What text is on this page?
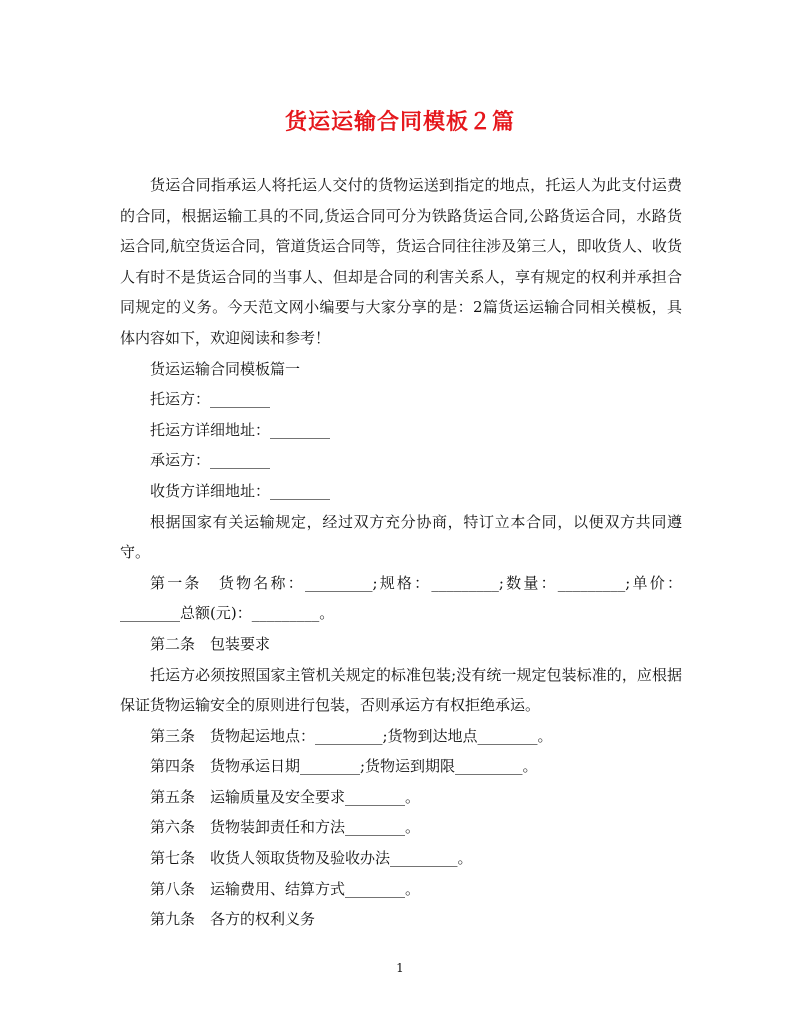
货运运输合同模板２篇

货运合同指承运人将托运人交付的货物运送到指定的地点，托运人为此支付运费的合同，根据运输工具的不同,货运合同可分为铁路货运合同,公路货运合同，水路货运合同,航空货运合同，管道货运合同等，货运合同往往涉及第三人，即收货人、收货人有时不是货运合同的当事人、但却是合同的利害关系人，享有规定的权利并承担合同规定的义务。今天范文网小编要与大家分享的是：2篇货运运输合同相关模板，具体内容如下，欢迎阅读和参考！

货运运输合同模板篇一

托运方：________

托运方详细地址：________

承运方：________

收货方详细地址：________

根据国家有关运输规定，经过双方充分协商，特订立本合同，以便双方共同遵守。

第一条　货物名称：_________;规格：_________;数量：_________;单价：________总额(元)：_________。

第二条　包装要求

托运方必须按照国家主管机关规定的标准包装;没有统一规定包装标准的，应根据保证货物运输安全的原则进行包装，否则承运方有权拒绝承运。

第三条　货物起运地点：_________;货物到达地点________。

第四条　货物承运日期________;货物运到期限_________。

第五条　运输质量及安全要求________。

第六条　货物装卸责任和方法________。

第七条　收货人领取货物及验收办法_________。

第八条　运输费用、结算方式________。

第九条　各方的权利义务

1
